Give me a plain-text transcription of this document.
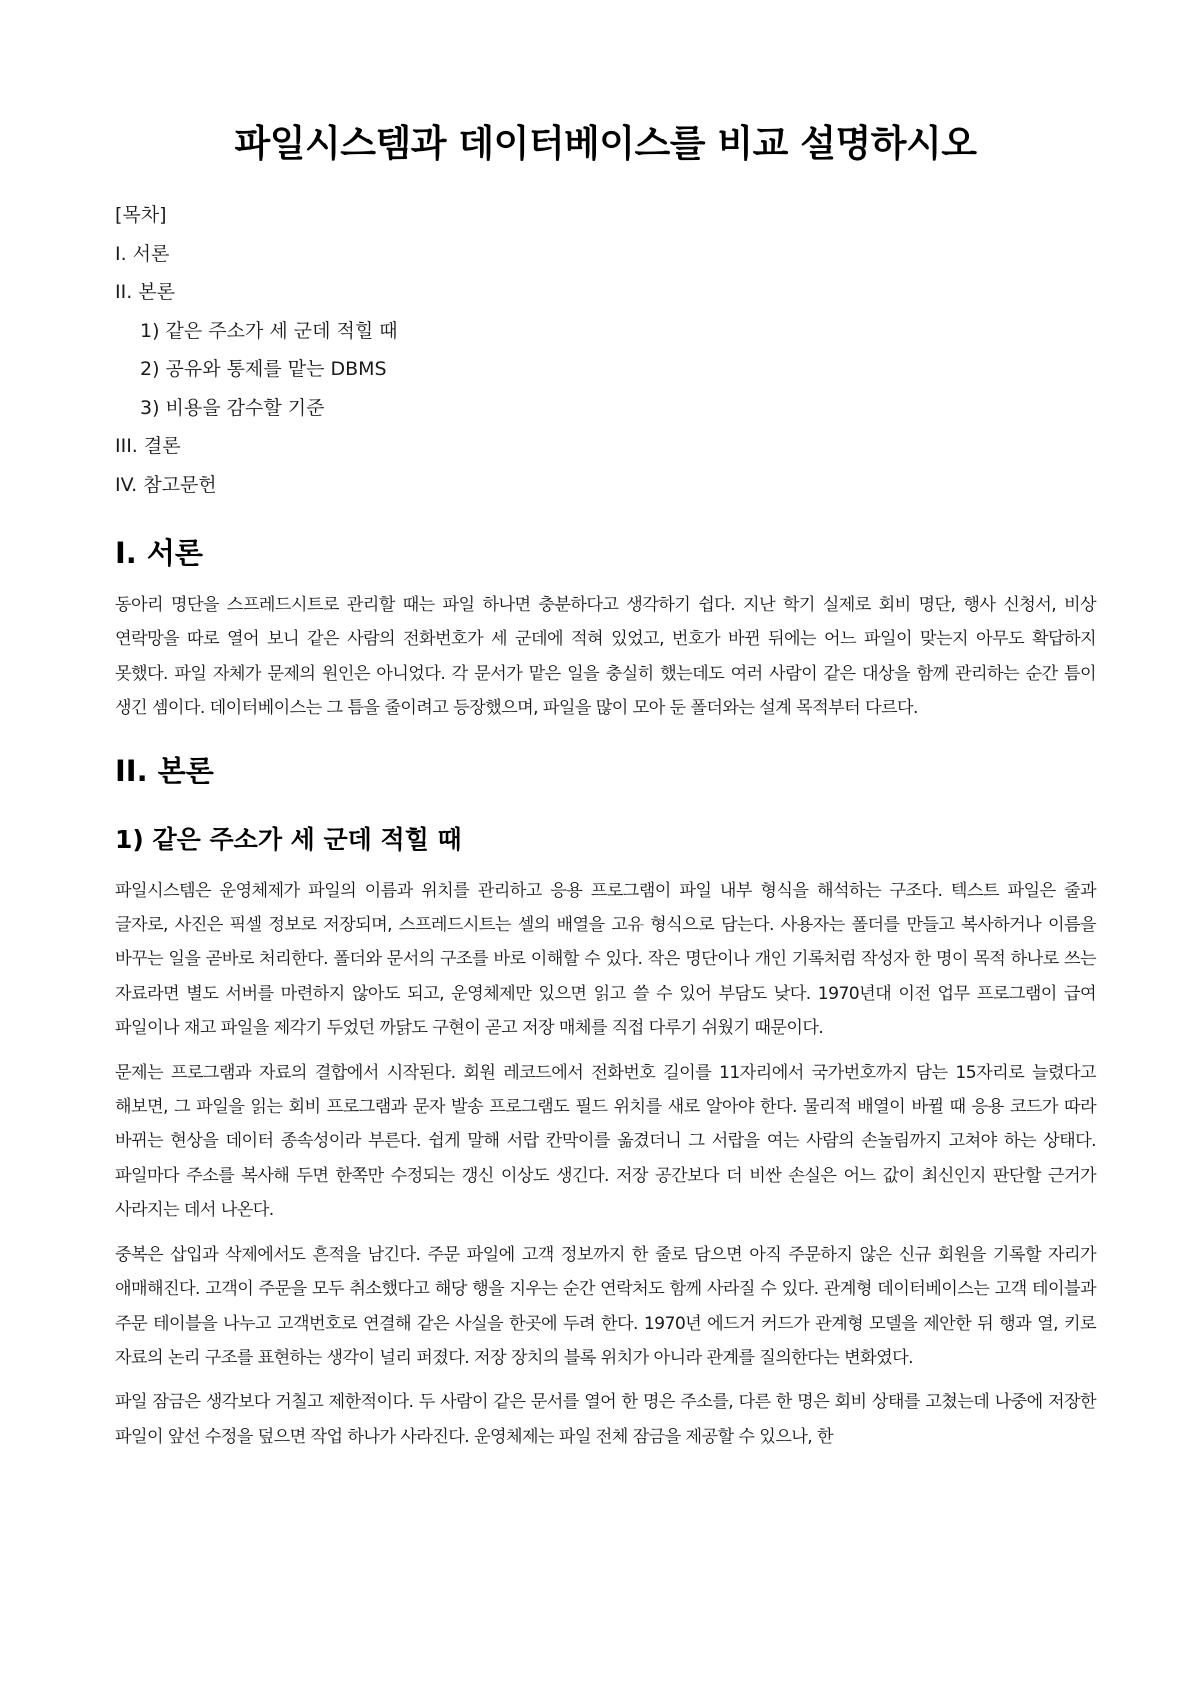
파일시스템과 데이터베이스를 비교 설명하시오
[목차]
I. 서론
II. 본론
1) 같은 주소가 세 군데 적힐 때
2) 공유와 통제를 맡는 DBMS
3) 비용을 감수할 기준
III. 결론
IV. 참고문헌
I. 서론

동아리 명단을 스프레드시트로 관리할 때는 파일 하나면 충분하다고 생각하기 쉽다. 지난 학기 실제로 회비 명단, 행사 신청서, 비상 연락망을 따로 열어 보니 같은 사람의 전화번호가 세 군데에 적혀 있었고, 번호가 바뀐 뒤에는 어느 파일이 맞는지 아무도 확답하지 못했다. 파일 자체가 문제의 원인은 아니었다. 각 문서가 맡은 일을 충실히 했는데도 여러 사람이 같은 대상을 함께 관리하는 순간 틈이 생긴 셈이다. 데이터베이스는 그 틈을 줄이려고 등장했으며, 파일을 많이 모아 둔 폴더와는 설계 목적부터 다르다.

II. 본론
1) 같은 주소가 세 군데 적힐 때

파일시스템은 운영체제가 파일의 이름과 위치를 관리하고 응용 프로그램이 파일 내부 형식을 해석하는 구조다. 텍스트 파일은 줄과 글자로, 사진은 픽셀 정보로 저장되며, 스프레드시트는 셀의 배열을 고유 형식으로 담는다. 사용자는 폴더를 만들고 복사하거나 이름을 바꾸는 일을 곧바로 처리한다. 폴더와 문서의 구조를 바로 이해할 수 있다. 작은 명단이나 개인 기록처럼 작성자 한 명이 목적 하나로 쓰는 자료라면 별도 서버를 마련하지 않아도 되고, 운영체제만 있으면 읽고 쓸 수 있어 부담도 낮다. 1970년대 이전 업무 프로그램이 급여 파일이나 재고 파일을 제각기 두었던 까닭도 구현이 곧고 저장 매체를 직접 다루기 쉬웠기 때문이다.

문제는 프로그램과 자료의 결합에서 시작된다. 회원 레코드에서 전화번호 길이를 11자리에서 국가번호까지 담는 15자리로 늘렸다고 해보면, 그 파일을 읽는 회비 프로그램과 문자 발송 프로그램도 필드 위치를 새로 알아야 한다. 물리적 배열이 바뀔 때 응용 코드가 따라 바뀌는 현상을 데이터 종속성이라 부른다. 쉽게 말해 서랍 칸막이를 옮겼더니 그 서랍을 여는 사람의 손놀림까지 고쳐야 하는 상태다. 파일마다 주소를 복사해 두면 한쪽만 수정되는 갱신 이상도 생긴다. 저장 공간보다 더 비싼 손실은 어느 값이 최신인지 판단할 근거가 사라지는 데서 나온다.

중복은 삽입과 삭제에서도 흔적을 남긴다. 주문 파일에 고객 정보까지 한 줄로 담으면 아직 주문하지 않은 신규 회원을 기록할 자리가 애매해진다. 고객이 주문을 모두 취소했다고 해당 행을 지우는 순간 연락처도 함께 사라질 수 있다. 관계형 데이터베이스는 고객 테이블과 주문 테이블을 나누고 고객번호로 연결해 같은 사실을 한곳에 두려 한다. 1970년 에드거 커드가 관계형 모델을 제안한 뒤 행과 열, 키로 자료의 논리 구조를 표현하는 생각이 널리 퍼졌다. 저장 장치의 블록 위치가 아니라 관계를 질의한다는 변화였다.

파일 잠금은 생각보다 거칠고 제한적이다. 두 사람이 같은 문서를 열어 한 명은 주소를, 다른 한 명은 회비 상태를 고쳤는데 나중에 저장한 파일이 앞선 수정을 덮으면 작업 하나가 사라진다. 운영체제는 파일 전체 잠금을 제공할 수 있으나, 한
